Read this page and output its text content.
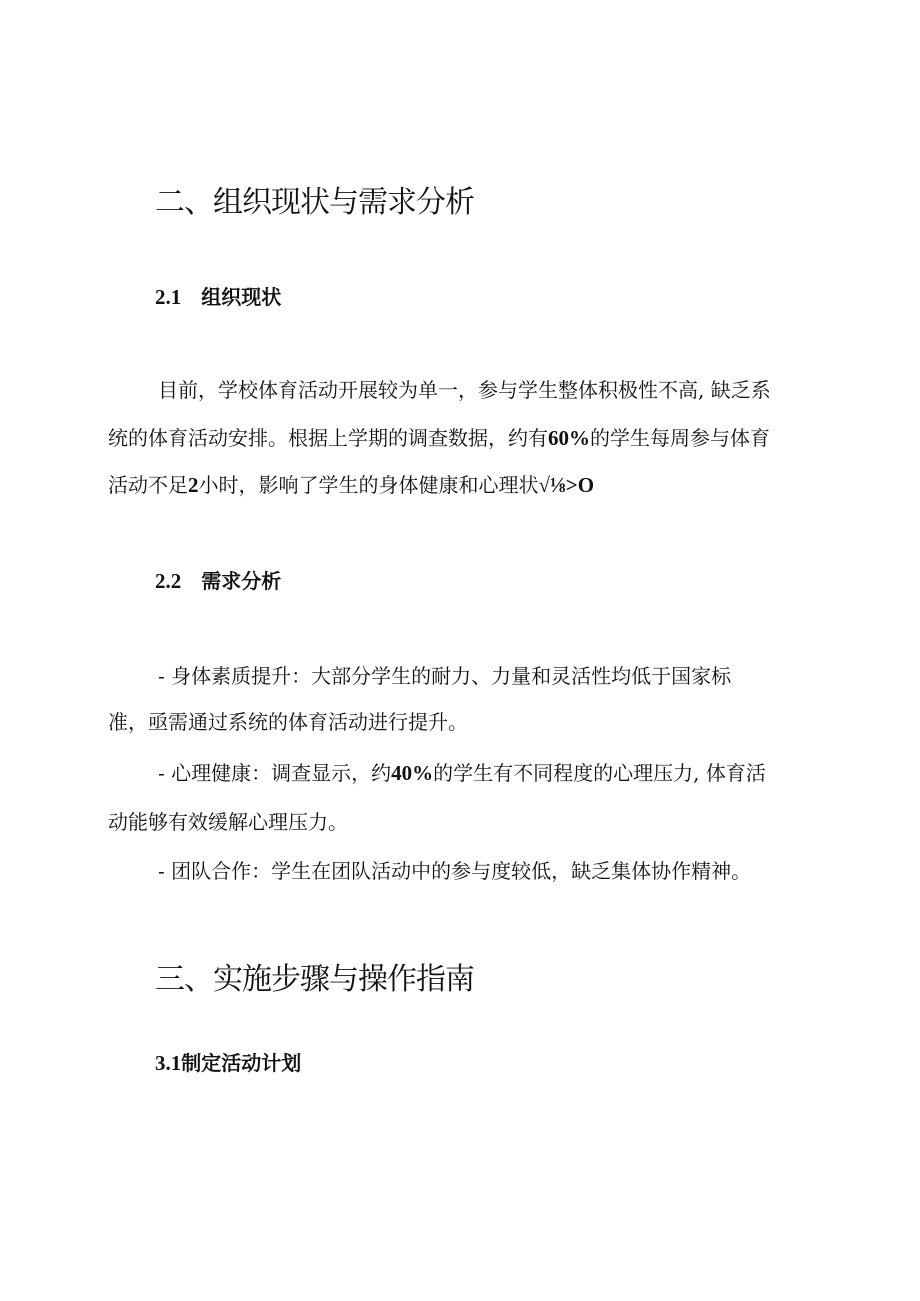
二、组织现状与需求分析
2.1 组织现状

目前，学校体育活动开展较为单一，参与学生整体积极性不高, 缺乏系

统的体育活动安排。根据上学期的调查数据，约有60%的学生每周参与体育

活动不足2小时，影响了学生的身体健康和心理状√⅛>O

2.2 需求分析

- 身体素质提升：大部分学生的耐力、力量和灵活性均低于国家标

准，亟需通过系统的体育活动进行提升。

- 心理健康：调查显示，约40%的学生有不同程度的心理压力, 体育活

动能够有效缓解心理压力。

- 团队合作：学生在团队活动中的参与度较低，缺乏集体协作精神。

三、实施步骤与操作指南
3.1制定活动计划
